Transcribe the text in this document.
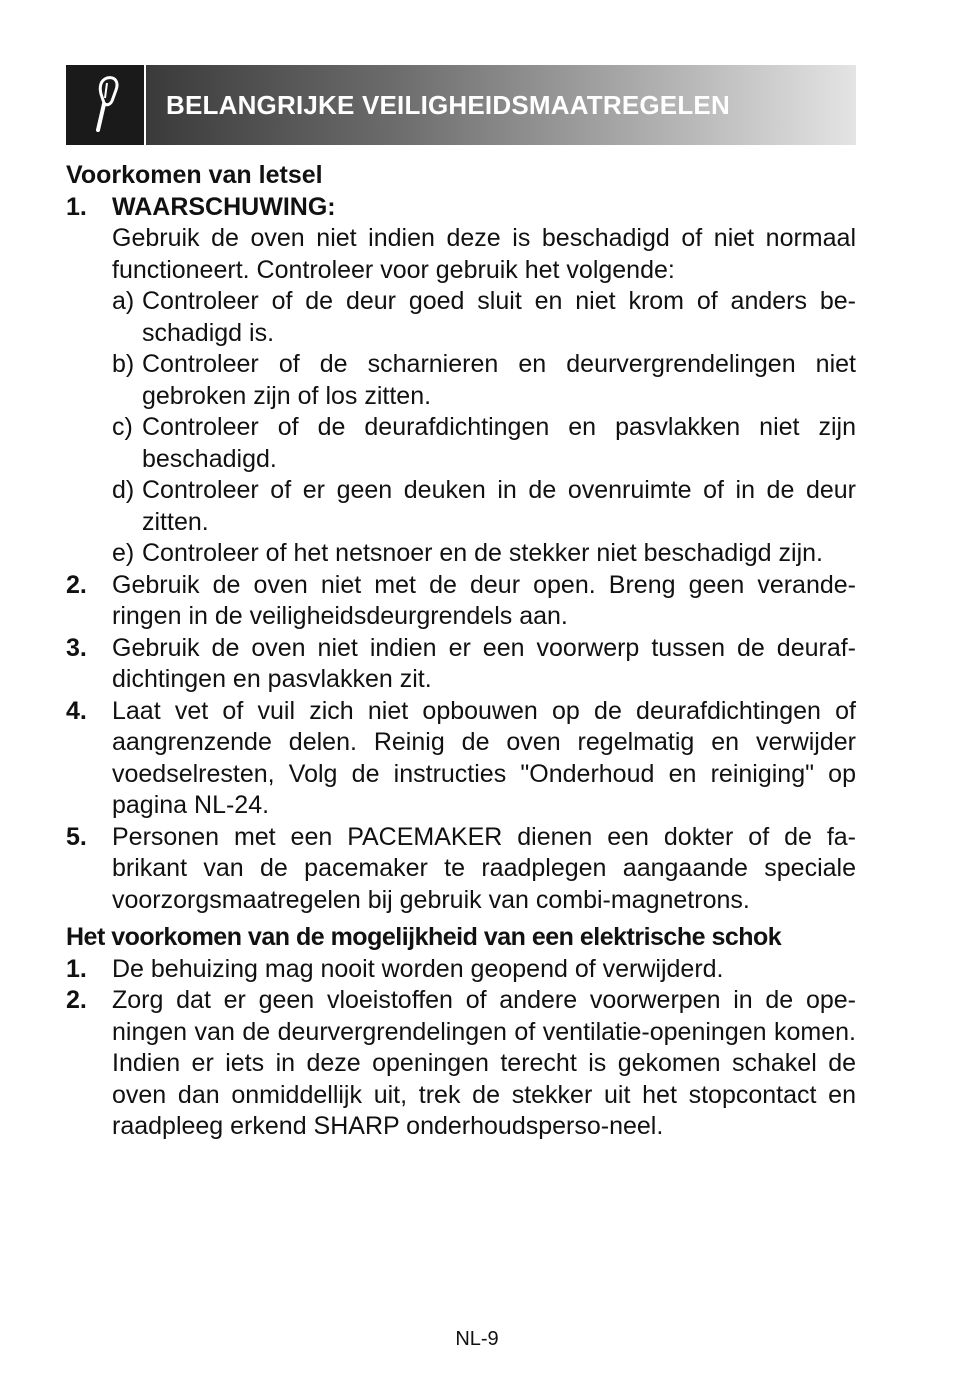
BELANGRIJKE VEILIGHEIDSMAATREGELEN
Voorkomen van letsel
1.	WAARSCHUWING:
Gebruik de oven niet indien deze is beschadigd of niet normaal functioneert. Controleer voor gebruik het volgende:
a) Controleer of de deur goed sluit en niet krom of anders be-schadigd is.
b) Controleer of de scharnieren en deurvergrendelingen niet gebroken zijn of los zitten.
c) Controleer of de deurafdichtingen en pasvlakken niet zijn beschadigd.
d) Controleer of er geen deuken in de ovenruimte of in de deur zitten.
e) Controleer of het netsnoer en de stekker niet beschadigd zijn.
2.	Gebruik de oven niet met de deur open. Breng geen verande-ringen in de veiligheidsdeurgrendels aan.
3.	Gebruik de oven niet indien er een voorwerp tussen de deuraf-dichtingen en pasvlakken zit.
4.	Laat vet of vuil zich niet opbouwen op de deurafdichtingen of aangrenzende delen. Reinig de oven regelmatig en verwijder voedselresten, Volg de instructies "Onderhoud en reiniging" op pagina NL-24.
5.	Personen met een PACEMAKER dienen een dokter of de fa-brikant van de pacemaker te raadplegen aangaande speciale voorzorgsmaatregelen bij gebruik van combi-magnetrons.
Het voorkomen van de mogelijkheid van een elektrische schok
1.	De behuizing mag nooit worden geopend of verwijderd.
2.	Zorg dat er geen vloeistoffen of andere voorwerpen in de ope-ningen van de deurvergrendelingen of ventilatie-openingen komen. Indien er iets in deze openingen terecht is gekomen schakel de oven dan onmiddellijk uit, trek de stekker uit het stopcontact en raadpleeg erkend SHARP onderhoudsperso-neel.
NL-9
